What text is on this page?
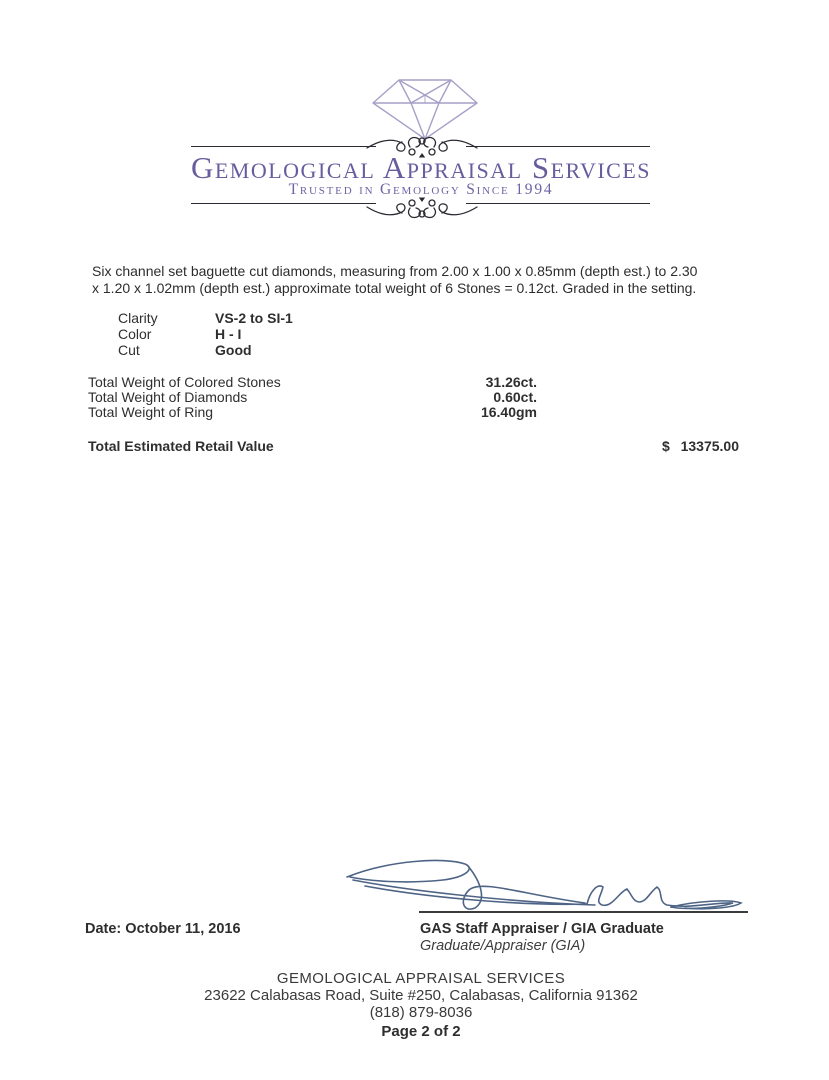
Gemological Appraisal Services
Trusted in Gemology Since 1994
Six channel set baguette cut diamonds, measuring from 2.00 x 1.00 x 0.85mm (depth est.) to 2.30
x 1.20 x 1.02mm (depth est.) approximate total weight of 6 Stones = 0.12ct. Graded in the setting.
Clarity	VS-2 to SI-1
Color	H - I
Cut	Good
Total Weight of Colored Stones	31.26ct.
Total Weight of Diamonds	0.60ct.
Total Weight of Ring	16.40gm
Total Estimated Retail Value	$ 13375.00
GAS Staff Appraiser / GIA Graduate
Graduate/Appraiser (GIA)
Date: October 11, 2016
GEMOLOGICAL APPRAISAL SERVICES
23622 Calabasas Road, Suite #250, Calabasas, California 91362
(818) 879-8036
Page 2 of 2
